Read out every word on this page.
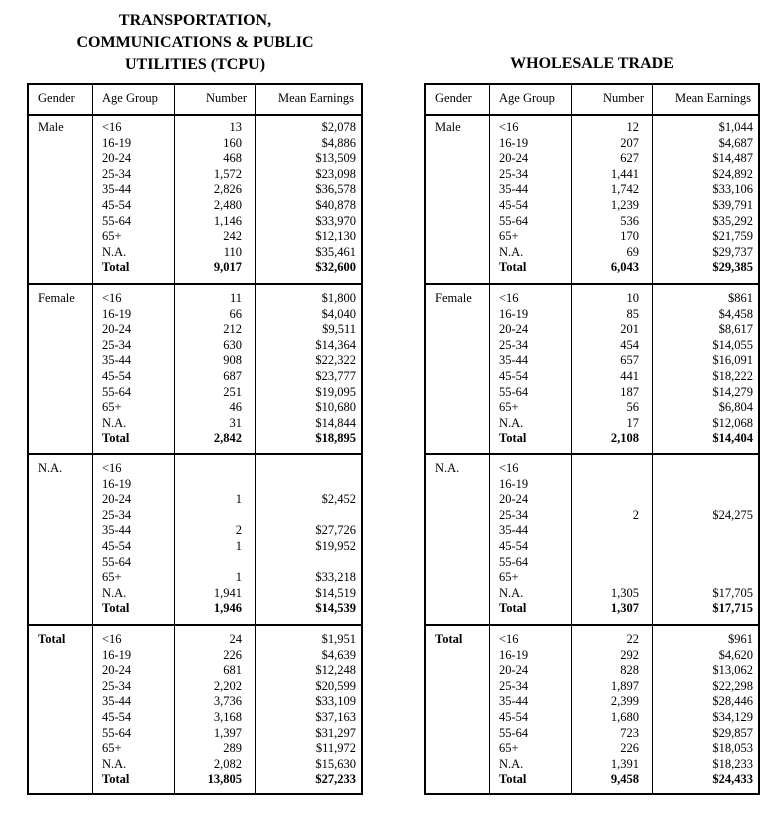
TRANSPORTATION,
COMMUNICATIONS & PUBLIC
UTILITIES (TCPU)
Gender Age Group	Number	Mean Earnings
Male	<16	13	$2,078
16-19	160	$4,886
20-24	468	$13,509
25-34	1,572	$23,098
35-44	2,826	$36,578
45-54	2,480	$40,878
55-64	1,146	$33,970
65+	242	$12,130
N.A.	110	$35,461
Total	9,017	$32,600
Female <16	11	$1,800
16-19	66	$4,040
20-24	212	$9,511
25-34	630	$14,364
35-44	908	$22,322
45-54	687	$23,777
55-64	251	$19,095
65+	46	$10,680
N.A.	31	$14,844
Total	2,842	$18,895
N.A.	<16
16-19
20-24	1	$2,452
25-34
35-44	2	$27,726
45-54	1	$19,952
55-64
65+	1	$33,218
N.A.	1,941	$14,519
Total	1,946	$14,539
Total	<16	24	$1,951
16-19	226	$4,639
20-24	681	$12,248
25-34	2,202	$20,599
35-44	3,736	$33,109
45-54	3,168	$37,163
55-64	1,397	$31,297
65+	289	$11,972
N.A.	2,082	$15,630
Total	13,805	$27,233
WHOLESALE TRADE
Gender Age Group	Number	Mean Earnings
Male	<16	12	$1,044
16-19	207	$4,687
20-24	627	$14,487
25-34	1,441	$24,892
35-44	1,742	$33,106
45-54	1,239	$39,791
55-64	536	$35,292
65+	170	$21,759
N.A.	69	$29,737
Total	6,043	$29,385
Female <16	10	$861
16-19	85	$4,458
20-24	201	$8,617
25-34	454	$14,055
35-44	657	$16,091
45-54	441	$18,222
55-64	187	$14,279
65+	56	$6,804
N.A.	17	$12,068
Total	2,108	$14,404
N.A.	<16
16-19
20-24
25-34	2	$24,275
35-44
45-54
55-64
65+
N.A.	1,305	$17,705
Total	1,307	$17,715
Total	<16	22	$961
16-19	292	$4,620
20-24	828	$13,062
25-34	1,897	$22,298
35-44	2,399	$28,446
45-54	1,680	$34,129
55-64	723	$29,857
65+	226	$18,053
N.A.	1,391	$18,233
Total	9,458	$24,433
